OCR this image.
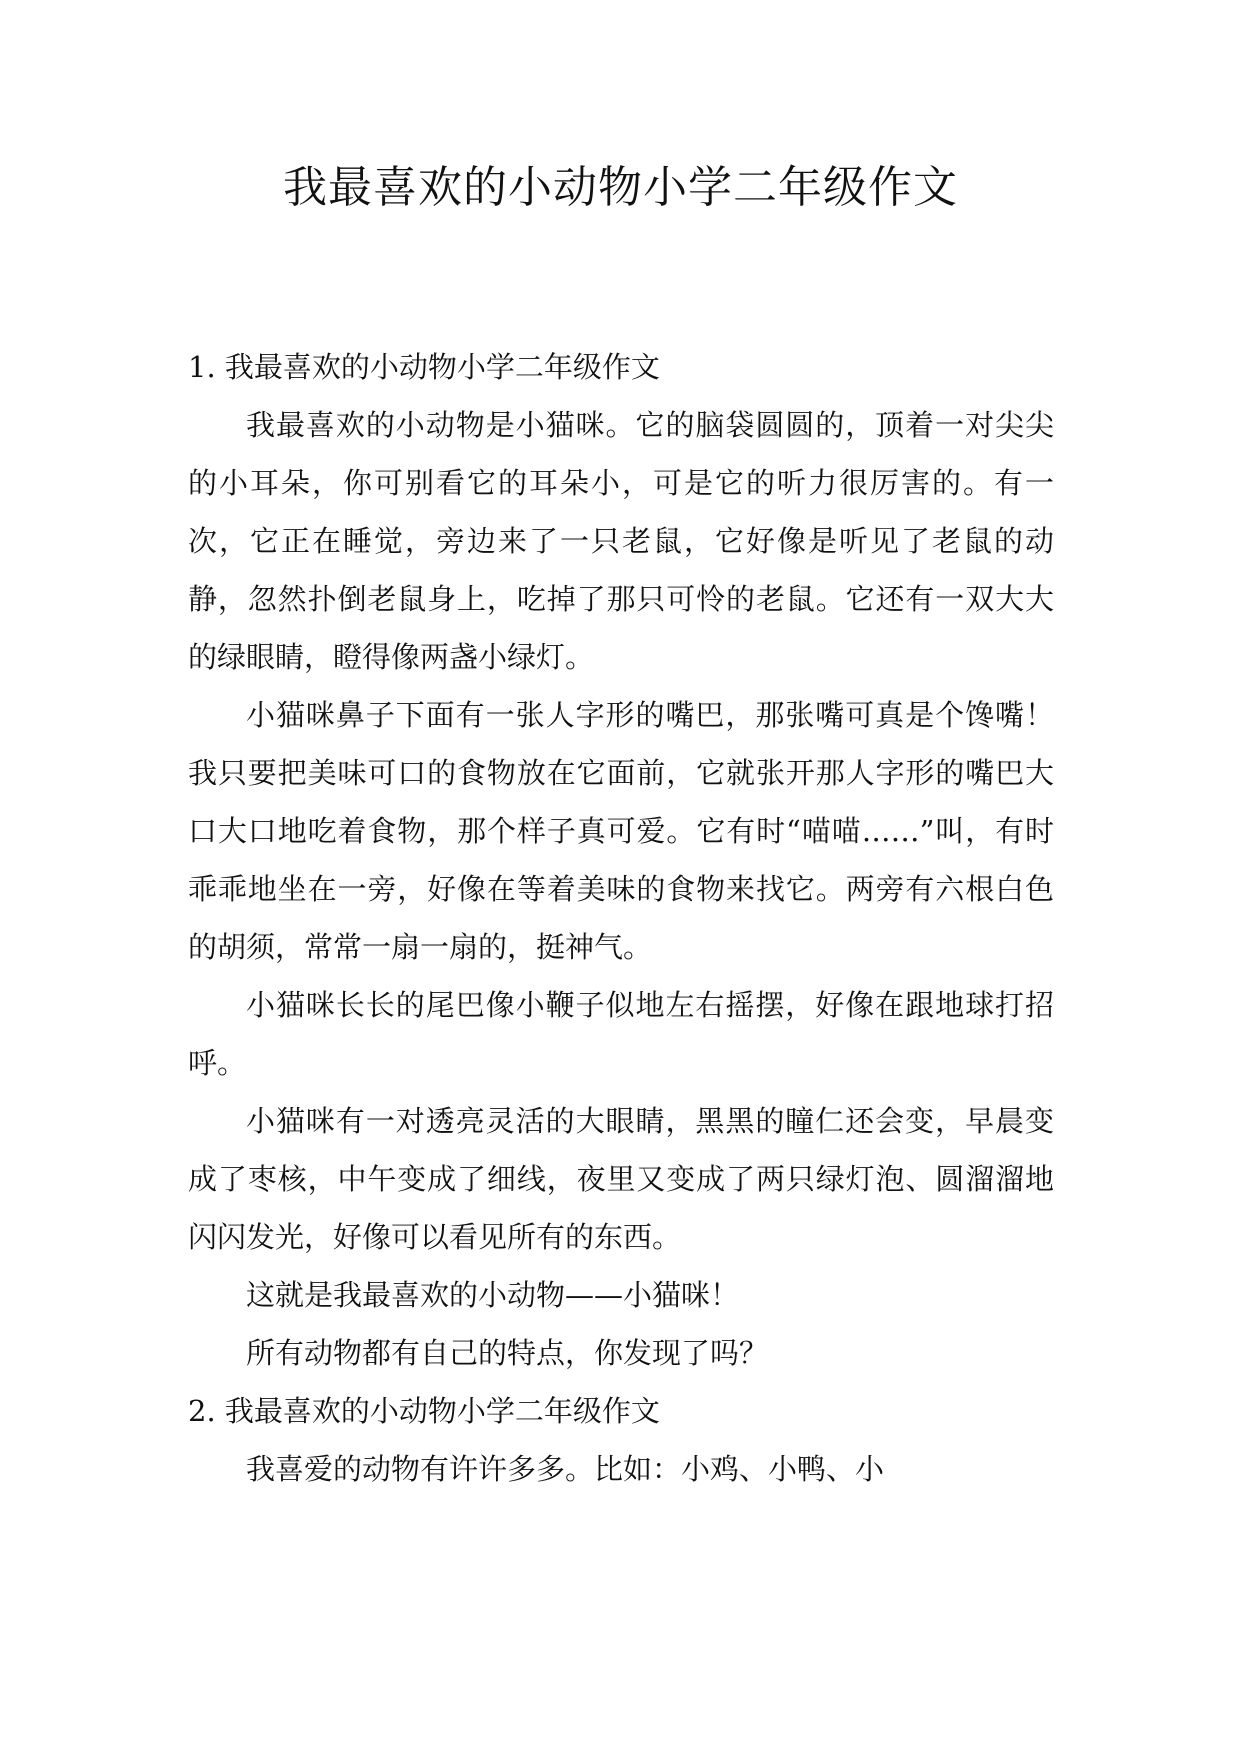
我最喜欢的小动物小学二年级作文

1. 我最喜欢的小动物小学二年级作文

我最喜欢的小动物是小猫咪。它的脑袋圆圆的，顶着一对尖尖的小耳朵，你可别看它的耳朵小，可是它的听力很厉害的。有一次，它正在睡觉，旁边来了一只老鼠，它好像是听见了老鼠的动静，忽然扑倒老鼠身上，吃掉了那只可怜的老鼠。它还有一双大大的绿眼睛，瞪得像两盏小绿灯。

小猫咪鼻子下面有一张人字形的嘴巴，那张嘴可真是个馋嘴！我只要把美味可口的食物放在它面前，它就张开那人字形的嘴巴大口大口地吃着食物，那个样子真可爱。它有时“喵喵……”叫，有时乖乖地坐在一旁，好像在等着美味的食物来找它。两旁有六根白色的胡须，常常一扇一扇的，挺神气。

小猫咪长长的尾巴像小鞭子似地左右摇摆，好像在跟地球打招呼。

小猫咪有一对透亮灵活的大眼睛，黑黑的瞳仁还会变，早晨变成了枣核，中午变成了细线，夜里又变成了两只绿灯泡、圆溜溜地闪闪发光，好像可以看见所有的东西。

这就是我最喜欢的小动物——小猫咪！

所有动物都有自己的特点，你发现了吗？

2. 我最喜欢的小动物小学二年级作文

我喜爱的动物有许许多多。比如：小鸡、小鸭、小
